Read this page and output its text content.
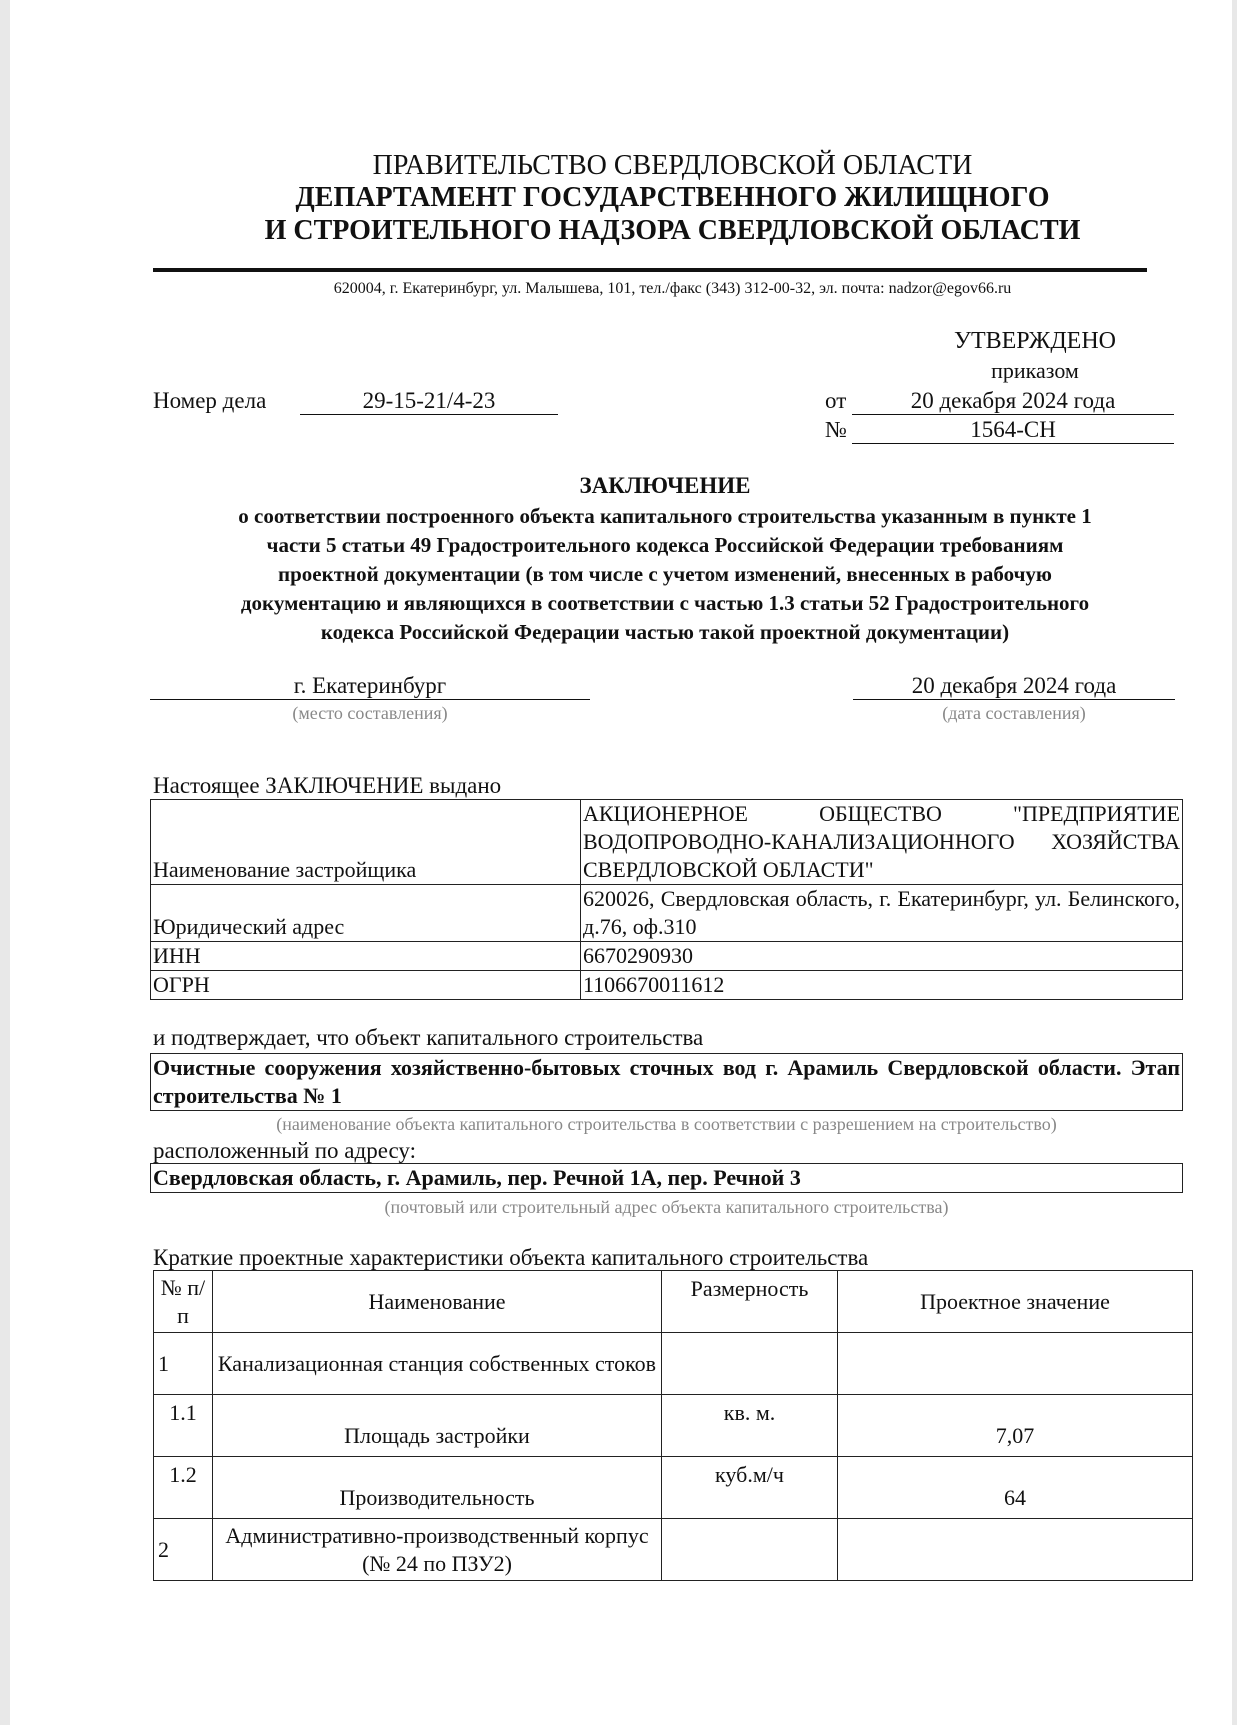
ПРАВИТЕЛЬСТВО СВЕРДЛОВСКОЙ ОБЛАСТИ
ДЕПАРТАМЕНТ ГОСУДАРСТВЕННОГО ЖИЛИЩНОГО
И СТРОИТЕЛЬНОГО НАДЗОРА СВЕРДЛОВСКОЙ ОБЛАСТИ
620004, г. Екатеринбург, ул. Малышева, 101, тел./факс (343) 312-00-32, эл. почта: nadzor@egov66.ru
УТВЕРЖДЕНО
приказом
Номер дела	29-15-21/4-23	от	20 декабря 2024 года
№	1564-СН
ЗАКЛЮЧЕНИЕ
о соответствии построенного объекта капитального строительства указанным в пункте 1
части 5 статьи 49 Градостроительного кодекса Российской Федерации требованиям
проектной документации (в том числе с учетом изменений, внесенных в рабочую
документацию и являющихся в соответствии с частью 1.3 статьи 52 Градостроительного
кодекса Российской Федерации частью такой проектной документации)
г. Екатеринбург
(место составления)
20 декабря 2024 года
(дата составления)
Настоящее ЗАКЛЮЧЕНИЕ выдано
Наименование застройщика	АКЦИОНЕРНОЕ ОБЩЕСТВО "ПРЕДПРИЯТИЕ ВОДОПРОВОДНО-КАНАЛИЗАЦИОННОГО ХОЗЯЙСТВА СВЕРДЛОВСКОЙ ОБЛАСТИ"
Юридический адрес	620026, Свердловская область, г. Екатеринбург, ул. Белинского, д.76, оф.310
ИНН	6670290930
ОГРН	1106670011612
и подтверждает, что объект капитального строительства
Очистные сооружения хозяйственно-бытовых сточных вод г. Арамиль Свердловской области. Этап строительства № 1
(наименование объекта капитального строительства в соответствии с разрешением на строительство)
расположенный по адресу:
Свердловская область, г. Арамиль, пер. Речной 1А, пер. Речной 3
(почтовый или строительный адрес объекта капитального строительства)
Краткие проектные характеристики объекта капитального строительства
№ п/п	Наименование	Размерность	Проектное значение
1	Канализационная станция собственных стоков		
1.1	Площадь застройки	кв. м.	7,07
1.2	Производительность	куб.м/ч	64
2	Административно-производственный корпус (№ 24 по ПЗУ2)		
